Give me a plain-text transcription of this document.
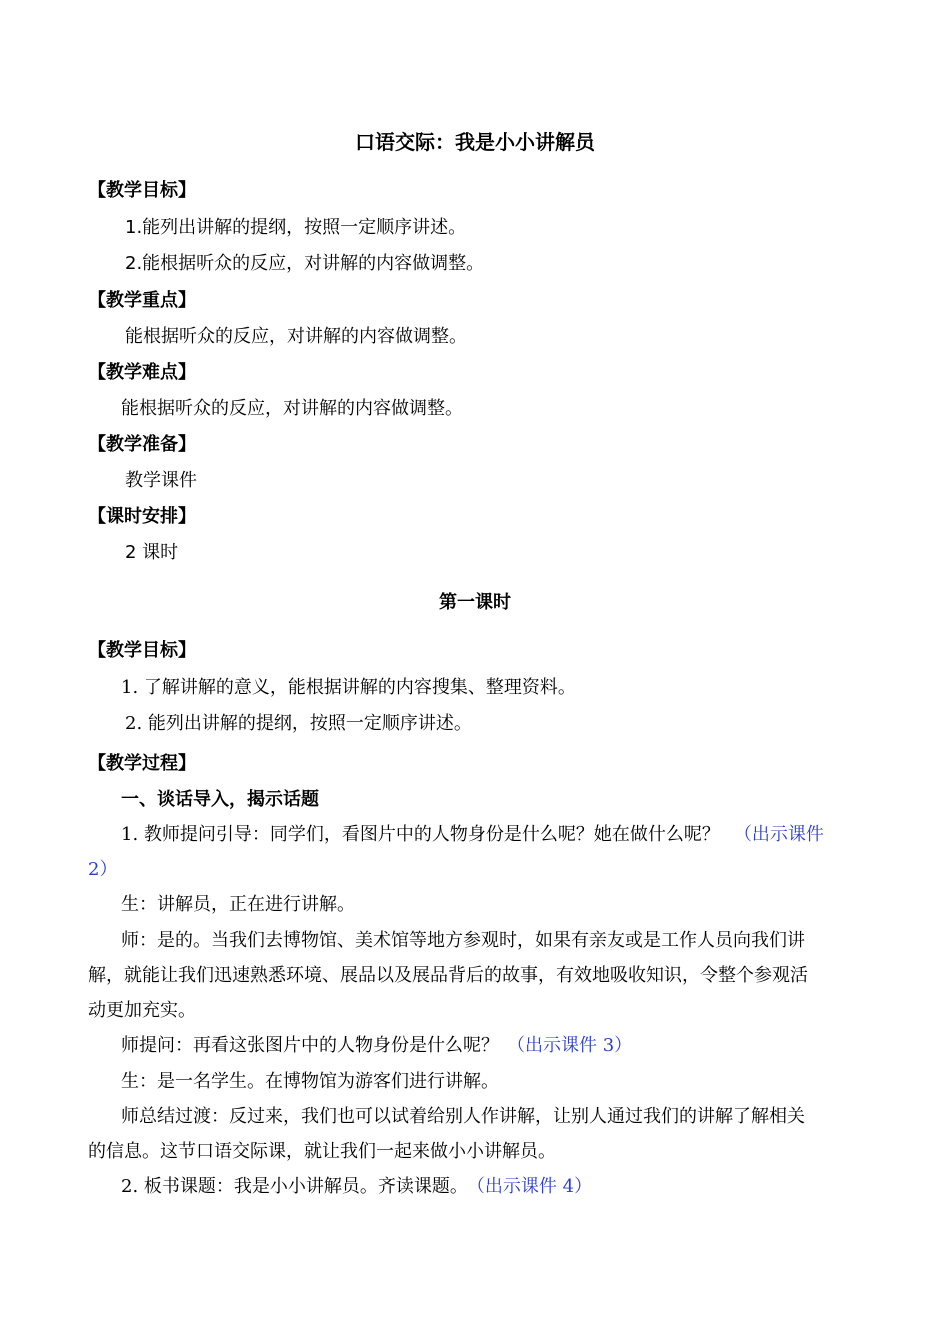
口语交际：我是小小讲解员
【教学目标】
1.能列出讲解的提纲，按照一定顺序讲述。
2.能根据听众的反应，对讲解的内容做调整。
【教学重点】
能根据听众的反应，对讲解的内容做调整。
【教学难点】
能根据听众的反应，对讲解的内容做调整。
【教学准备】
教学课件
【课时安排】
2 课时
第一课时
【教学目标】
1. 了解讲解的意义，能根据讲解的内容搜集、整理资料。
2. 能列出讲解的提纲，按照一定顺序讲述。
【教学过程】
一、谈话导入，揭示话题
1. 教师提问引导：同学们，看图片中的人物身份是什么呢？她在做什么呢？ （出示课件
2）
生：讲解员，正在进行讲解。
师：是的。当我们去博物馆、美术馆等地方参观时，如果有亲友或是工作人员向我们讲
解，就能让我们迅速熟悉环境、展品以及展品背后的故事，有效地吸收知识，令整个参观活
动更加充实。
师提问：再看这张图片中的人物身份是什么呢？ （出示课件 3）
生：是一名学生。在博物馆为游客们进行讲解。
师总结过渡：反过来，我们也可以试着给别人作讲解，让别人通过我们的讲解了解相关
的信息。这节口语交际课，就让我们一起来做小小讲解员。
2. 板书课题：我是小小讲解员。齐读课题。 （出示课件 4）
